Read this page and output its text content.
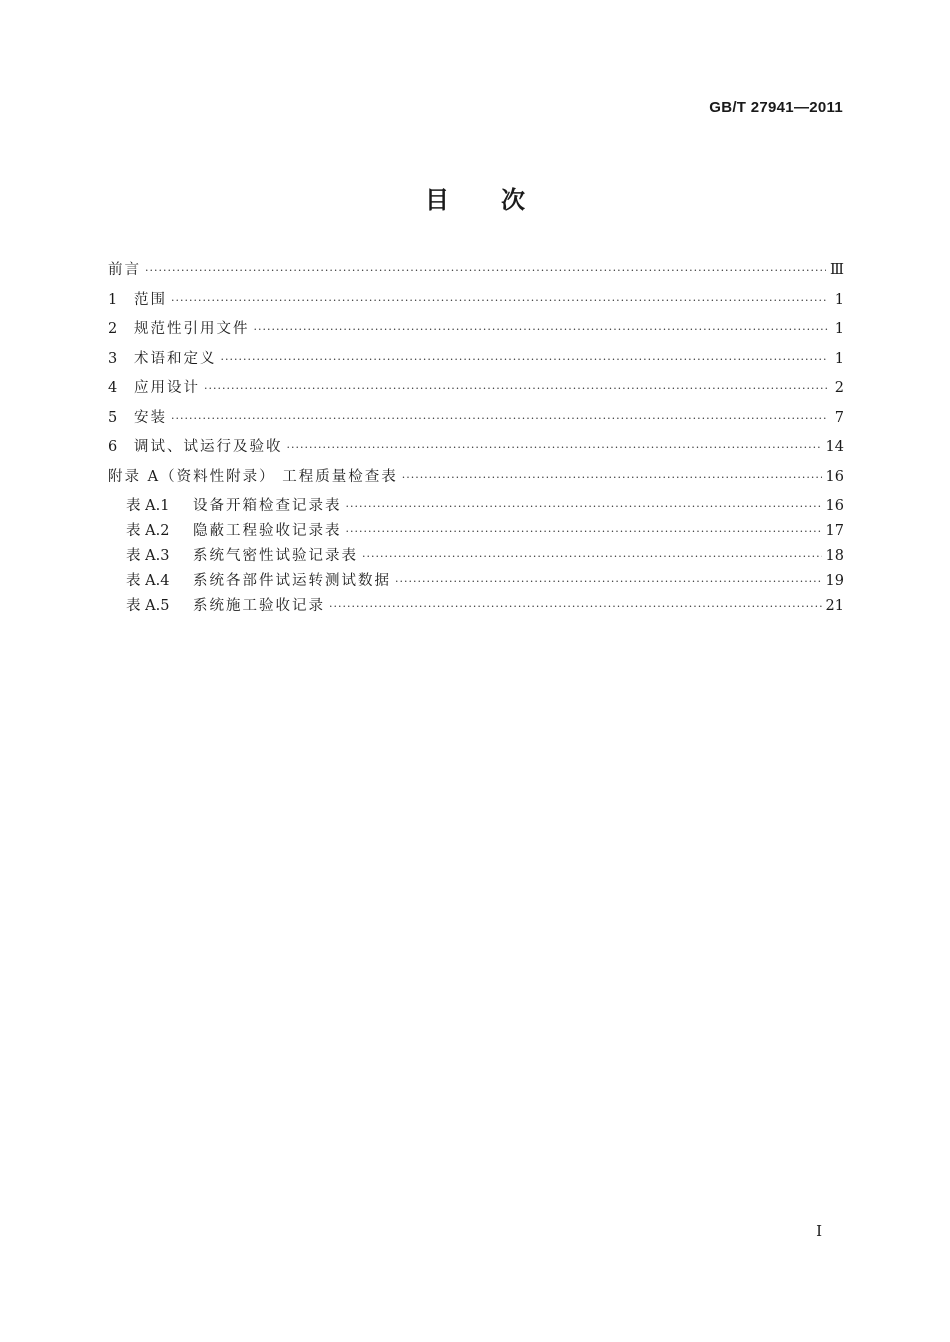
GB/T 27941—2011
目 次
前言 ·····	Ⅲ
1	范围 ·····	1
2	规范性引用文件 ·····	1
3	术语和定义 ·····	1
4	应用设计 ·····	2
5	安装 ·····	7
6	调试、试运行及验收 ·····	14
附录 A（资料性附录） 工程质量检查表 ·····	16
表 A.1	设备开箱检查记录表 ·····	16
表 A.2	隐蔽工程验收记录表 ·····	17
表 A.3	系统气密性试验记录表 ·····	18
表 A.4	系统各部件试运转测试数据 ·····	19
表 A.5	系统施工验收记录 ·····	21
Ⅰ
